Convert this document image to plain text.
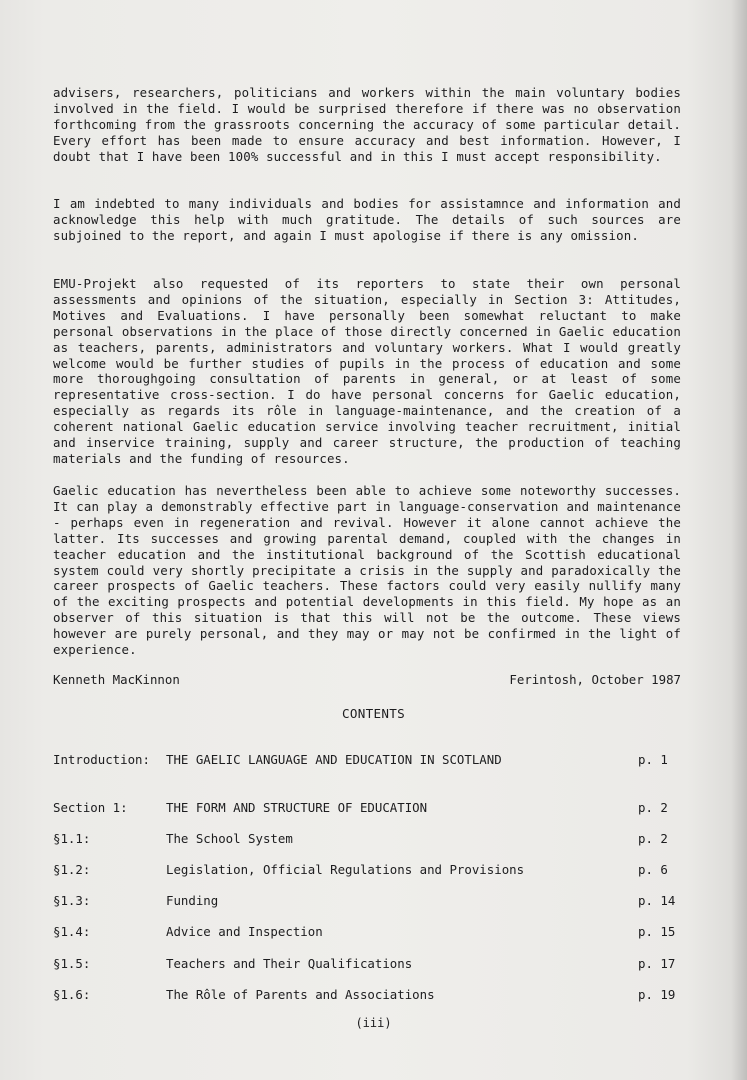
advisers, researchers, politicians and workers within the main voluntary bodies involved in the field. I would be surprised therefore if there was no observation forthcoming from the grassroots concerning the accuracy of some particular detail. Every effort has been made to ensure accuracy and best information. However, I doubt that I have been 100% successful and in this I must accept responsibility.
I am indebted to many individuals and bodies for assistamnce and information and acknowledge this help with much gratitude. The details of such sources are subjoined to the report, and again I must apologise if there is any omission.
EMU-Projekt also requested of its reporters to state their own personal assessments and opinions of the situation, especially in Section 3: Attitudes, Motives and Evaluations. I have personally been somewhat reluctant to make personal observations in the place of those directly concerned in Gaelic education as teachers, parents, administrators and voluntary workers. What I would greatly welcome would be further studies of pupils in the process of education and some more thoroughgoing consultation of parents in general, or at least of some representative cross-section. I do have personal concerns for Gaelic education, especially as regards its rôle in language-maintenance, and the creation of a coherent national Gaelic education service involving teacher recruitment, initial and inservice training, supply and career structure, the production of teaching materials and the funding of resources.
Gaelic education has nevertheless been able to achieve some noteworthy successes. It can play a demonstrably effective part in language-conservation and maintenance - perhaps even in regeneration and revival. However it alone cannot achieve the latter. Its successes and growing parental demand, coupled with the changes in teacher education and the institutional background of the Scottish educational system could very shortly precipitate a crisis in the supply and paradoxically the career prospects of Gaelic teachers. These factors could very easily nullify many of the exciting prospects and potential developments in this field. My hope as an observer of this situation is that this will not be the outcome. These views however are purely personal, and they may or may not be confirmed in the light of experience.
Kenneth MacKinnon	Ferintosh, October 1987
CONTENTS
Introduction: THE GAELIC LANGUAGE AND EDUCATION IN SCOTLAND	p. 1
Section 1:	THE FORM AND STRUCTURE OF EDUCATION	p. 2
§1.1:	The School System	p. 2
§1.2:	Legislation, Official Regulations and Provisions	p. 6
§1.3:	Funding	p. 14
§1.4:	Advice and Inspection	p. 15
§1.5:	Teachers and Their Qualifications	p. 17
§1.6:	The Rôle of Parents and Associations	p. 19
(iii)
